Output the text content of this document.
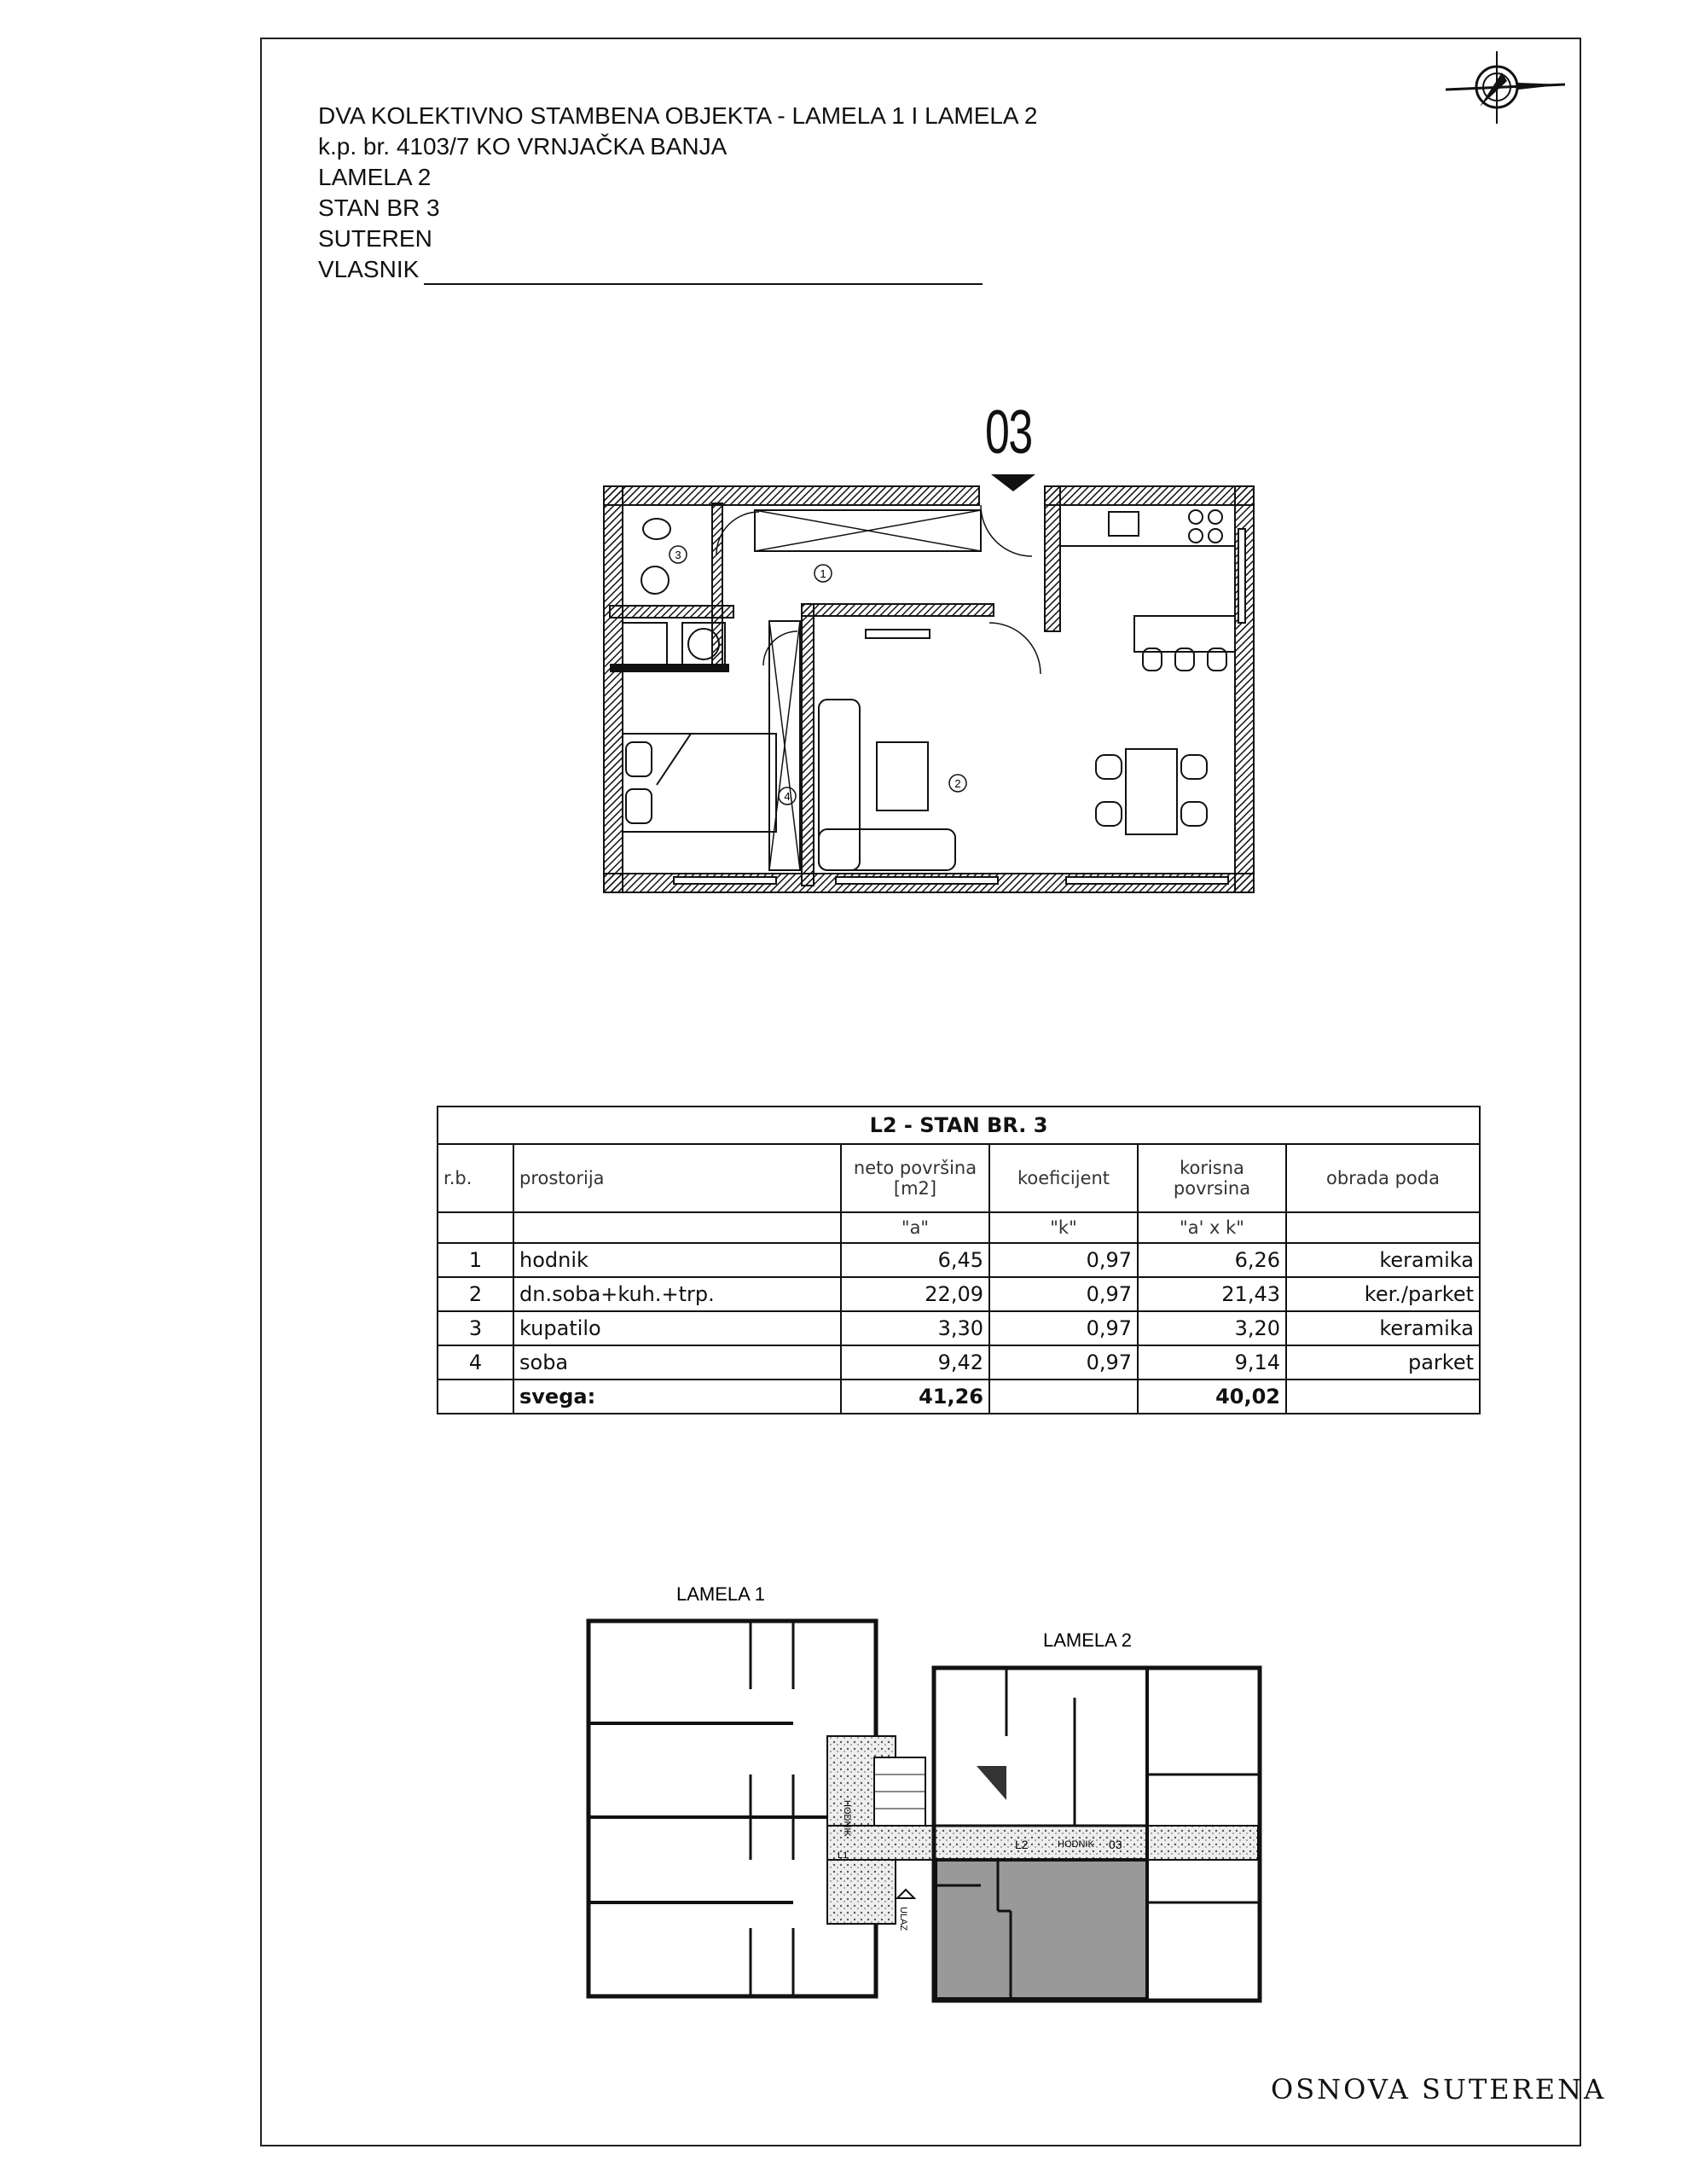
DVA KOLEKTIVNO STAMBENA OBJEKTA - LAMELA 1 I LAMELA 2
k.p. br. 4103/7 KO VRNJAČKA BANJA
LAMELA 2
STAN BR 3
SUTEREN
VLASNIK
03
1
2
3
4
L2 - STAN BR. 3					
r.b.	prostorija	neto površina [m2]	koeficijent	korisna povrsina	obrada poda
		"a"	"k"	"a' x k"	
1	hodnik	6,45	0,97	6,26	keramika
2	dn.soba+kuh.+trp.	22,09	0,97	21,43	ker./parket
3	kupatilo	3,30	0,97	3,20	keramika
4	soba	9,42	0,97	9,14	parket
	svega:	41,26		40,02	
LAMELA 1
LAMELA 2
HODNIK
HODNIK
L1
L2	03
ULAZ
OSNOVA SUTERENA
